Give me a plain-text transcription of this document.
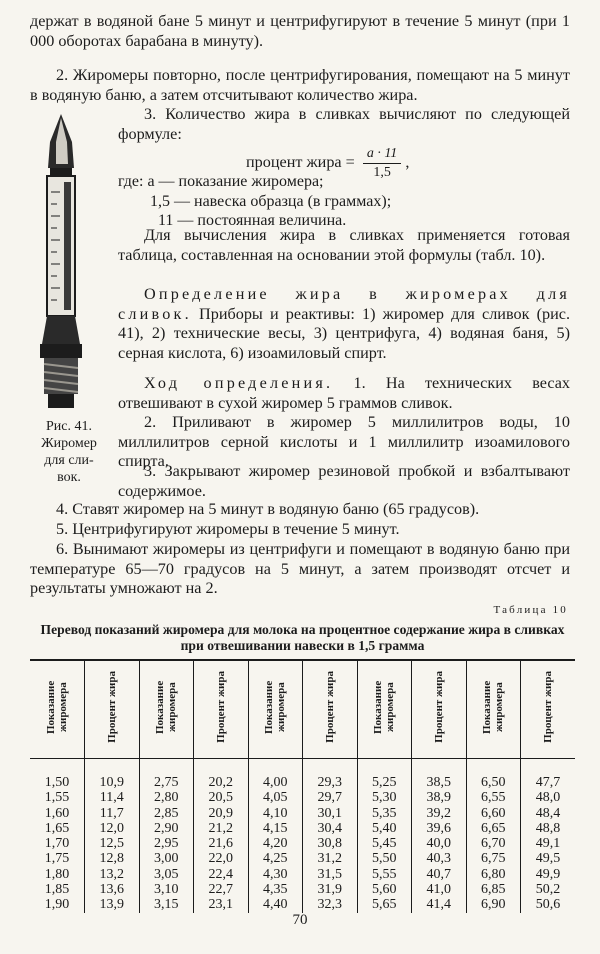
держат в водяной бане 5 минут и центрифугируют в течение 5 минут (при 1 000 оборотах барабана в минуту).

2. Жиромеры повторно, после центрифугирования, помещают на 5 минут в водяную баню, а затем отсчитывают количество жира.

3. Количество жира в сливках вычисляют по следующей формуле:

процент жира = $\frac{a \cdot 11}{1,5}$ ,
где: a — показание жиромера;
1,5 — навеска образца (в граммах);
11 — постоянная величина.

Для вычисления жира в сливках применяется готовая таблица, составленная на основании этой формулы (табл. 10).

Определение жира в жиромерах для сливок. Приборы и реактивы: 1) жиромер для сливок (рис. 41), 2) технические весы, 3) центрифуга, 4) водяная баня, 5) серная кислота, 6) изоамиловый спирт.

Ход определения. 1. На технических весах отвешивают в сухой жиромер 5 граммов сливок.

2. Приливают в жиромер 5 миллилитров воды, 10 миллилитров серной кислоты и 1 миллилитр изоамилового спирта.

3. Закрывают жиромер резиновой пробкой и взбалтывают содержимое.

4. Ставят жиромер на 5 минут в водяную баню (65 градусов).

5. Центрифугируют жиромеры в течение 5 минут.

6. Вынимают жиромеры из центрифуги и помещают в водяную баню при температуре 65—70 градусов на 5 минут, а затем производят отсчет и результаты умножают на 2.

Рис. 41.
Жиромер
для сли-
вок.
Таблица 10
Перевод показаний жиромера для молока на процентное содержание жира в сливках при отвешивании навески в 1,5 грамма
Показание жиромера	Процент жира	Показание жиромера	Процент жира	Показание жиромера	Процент жира	Показание жиромера	Процент жира	Показание жиромера	Процент жира
1,50	10,9	2,75	20,2	4,00	29,3	5,25	38,5	6,50	47,7
1,55	11,4	2,80	20,5	4,05	29,7	5,30	38,9	6,55	48,0
1,60	11,7	2,85	20,9	4,10	30,1	5,35	39,2	6,60	48,4
1,65	12,0	2,90	21,2	4,15	30,4	5,40	39,6	6,65	48,8
1,70	12,5	2,95	21,6	4,20	30,8	5,45	40,0	6,70	49,1
1,75	12,8	3,00	22,0	4,25	31,2	5,50	40,3	6,75	49,5
1,80	13,2	3,05	22,4	4,30	31,5	5,55	40,7	6,80	49,9
1,85	13,6	3,10	22,7	4,35	31,9	5,60	41,0	6,85	50,2
1,90	13,9	3,15	23,1	4,40	32,3	5,65	41,4	6,90	50,6
70
